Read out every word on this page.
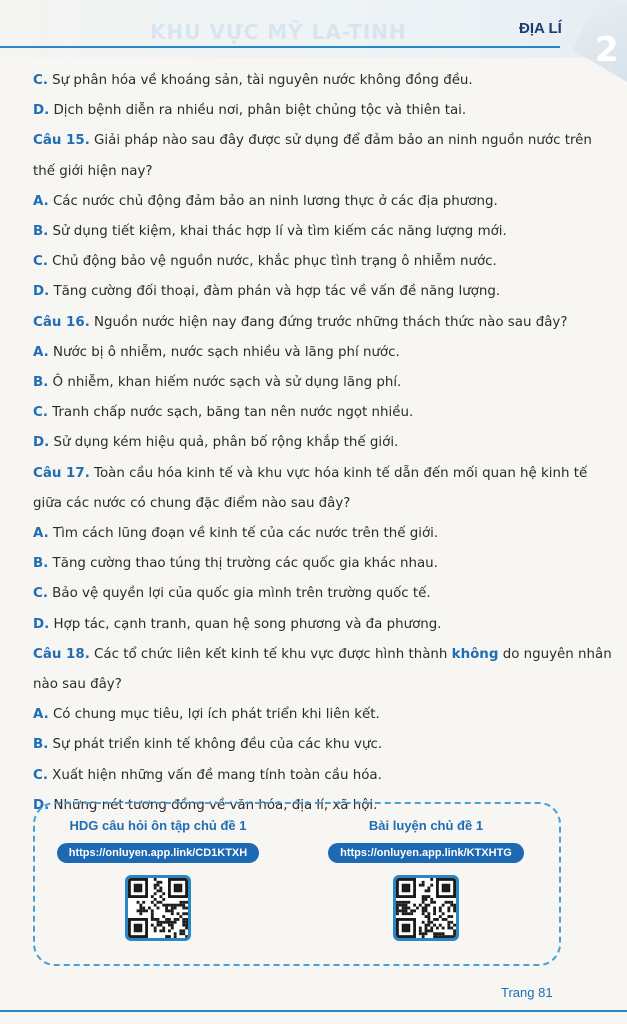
KHU VỰC MỸ LA-TINH	ĐỊA LÍ
2
C. Sự phân hóa về khoáng sản, tài nguyên nước không đồng đều.
D. Dịch bệnh diễn ra nhiều nơi, phân biệt chủng tộc và thiên tai.
Câu 15. Giải pháp nào sau đây được sử dụng để đảm bảo an ninh nguồn nước trên
thế giới hiện nay?
A. Các nước chủ động đảm bảo an ninh lương thực ở các địa phương.
B. Sử dụng tiết kiệm, khai thác hợp lí và tìm kiếm các năng lượng mới.
C. Chủ động bảo vệ nguồn nước, khắc phục tình trạng ô nhiễm nước.
D. Tăng cường đối thoại, đàm phán và hợp tác về vấn đề năng lượng.
Câu 16. Nguồn nước hiện nay đang đứng trước những thách thức nào sau đây?
A. Nước bị ô nhiễm, nước sạch nhiều và lãng phí nước.
B. Ô nhiễm, khan hiếm nước sạch và sử dụng lãng phí.
C. Tranh chấp nước sạch, băng tan nên nước ngọt nhiều.
D. Sử dụng kém hiệu quả, phân bố rộng khắp thế giới.
Câu 17. Toàn cầu hóa kinh tế và khu vực hóa kinh tế dẫn đến mối quan hệ kinh tế
giữa các nước có chung đặc điểm nào sau đây?
A. Tìm cách lũng đoạn về kinh tế của các nước trên thế giới.
B. Tăng cường thao túng thị trường các quốc gia khác nhau.
C. Bảo vệ quyền lợi của quốc gia mình trên trường quốc tế.
D. Hợp tác, cạnh tranh, quan hệ song phương và đa phương.
Câu 18. Các tổ chức liên kết kinh tế khu vực được hình thành không do nguyên nhân
nào sau đây?
A. Có chung mục tiêu, lợi ích phát triển khi liên kết.
B. Sự phát triển kinh tế không đều của các khu vực.
C. Xuất hiện những vấn đề mang tính toàn cầu hóa.
D. Những nét tương đồng về văn hóa, địa lí, xã hội.
HDG câu hỏi ôn tập chủ đề 1
https://onluyen.app.link/CD1KTXH
Bài luyện chủ đề 1
https://onluyen.app.link/KTXHTG
Trang 81
